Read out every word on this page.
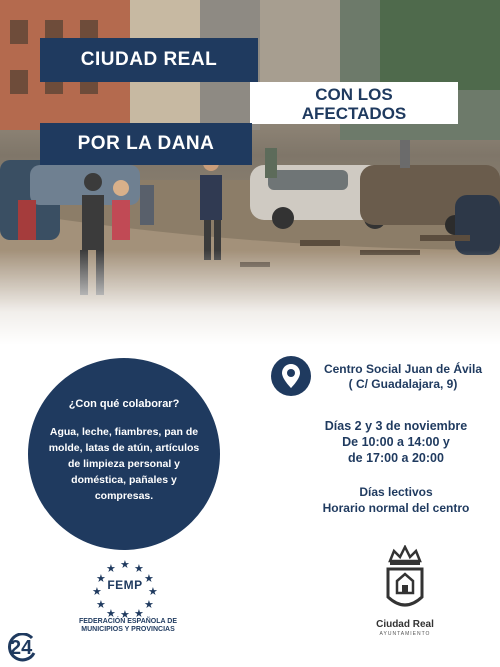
CIUDAD REAL
CON LOS
AFECTADOS
POR LA DANA
¿Con qué colaborar?
Agua, leche, fiambres, pan de molde, latas de atún, artículos de limpieza personal y doméstica, pañales y compresas.
Centro Social Juan de Ávila
( C/ Guadalajara, 9)
Días 2 y 3 de noviembre
De 10:00 a 14:00 y
de 17:00 a 20:00
Días lectivos
Horario normal del centro
★ ★
★
★
★
★
★
★
★
★
★
★
FEMP
FEDERACIÓN ESPAÑOLA DE MUNICIPIOS Y PROVINCIAS	Ciudad Real
AYUNTAMIENTO
24
